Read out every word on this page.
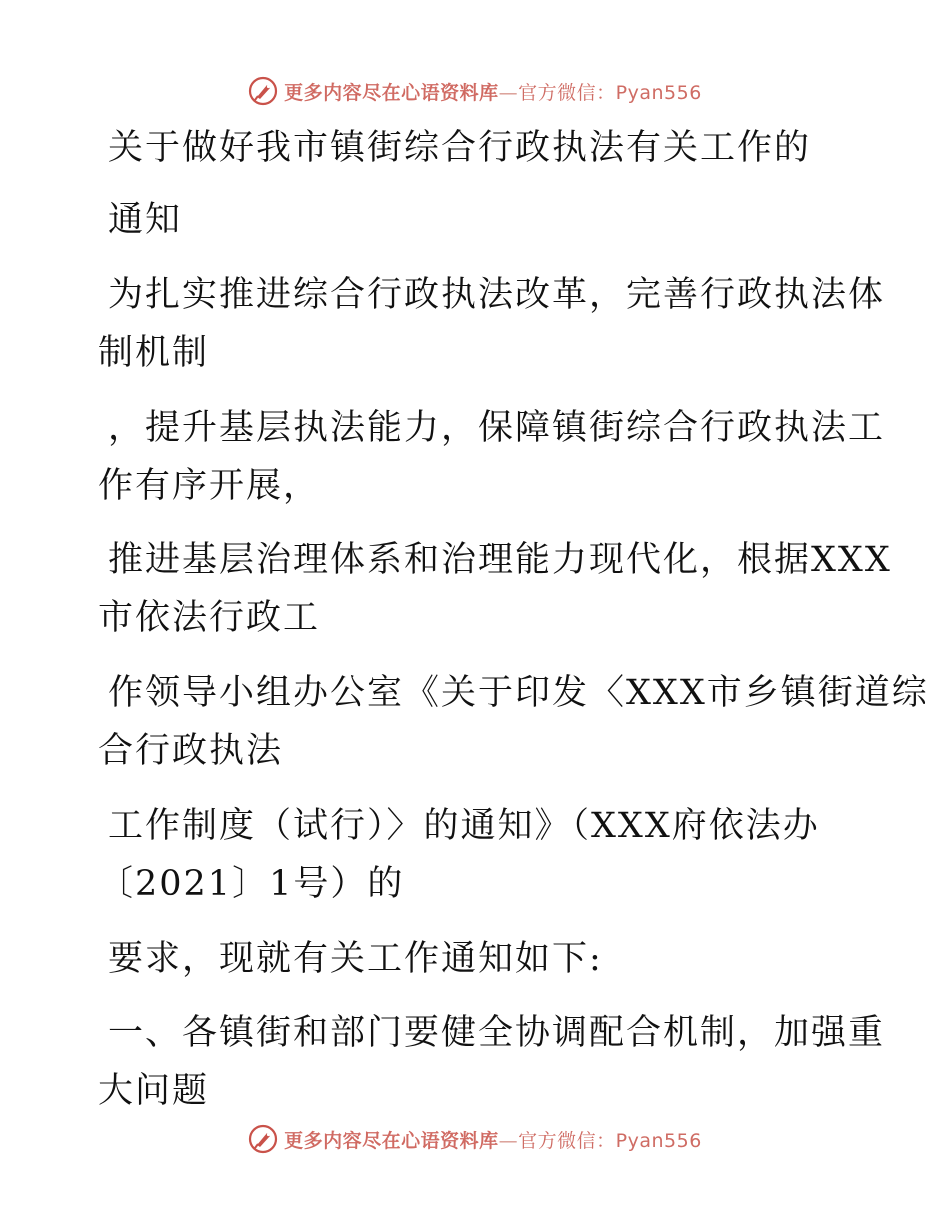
更多内容尽在心语资料库—官方微信：Pyan556
关于做好我市镇街综合行政执法有关工作的
通知
为扎实推进综合行政执法改革，完善行政执法体
制机制
，提升基层执法能力，保障镇街综合行政执法工
作有序开展，
推进基层治理体系和治理能力现代化，根据XXX
市依法行政工
作领导小组办公室《关于印发〈XXX市乡镇街道综
合行政执法
工作制度（试行）〉的通知》（XXX府依法办
〔2021〕1号）的
要求，现就有关工作通知如下:
一、各镇街和部门要健全协调配合机制，加强重
大问题
更多内容尽在心语资料库—官方微信：Pyan556
